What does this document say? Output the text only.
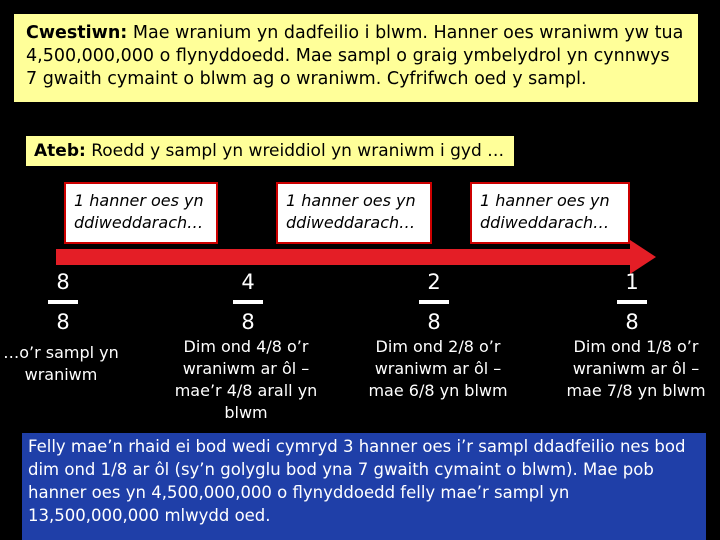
Cwestiwn: Mae wranium yn dadfeilio i blwm. Hanner oes wraniwm yw tua 4,500,000,000 o flynyddoedd. Mae sampl o graig ymbelydrol yn cynnwys 7 gwaith cymaint o blwm ag o wraniwm. Cyfrifwch oed y sampl.
Ateb: Roedd y sampl yn wreiddiol yn wraniwm i gyd …
1 hanner oes yn ddiweddarach…
1 hanner oes yn ddiweddarach…
1 hanner oes yn ddiweddarach…
8
8
4
8
2
8
1
8
…o’r sampl yn wraniwm
Dim ond 4/8 o’r wraniwm ar ôl – mae’r 4/8 arall yn blwm
Dim ond 2/8 o’r wraniwm ar ôl – mae 6/8 yn blwm
Dim ond 1/8 o’r wraniwm ar ôl – mae 7/8 yn blwm
Felly mae’n rhaid ei bod wedi cymryd 3 hanner oes i’r sampl ddadfeilio nes bod dim ond 1/8 ar ôl (sy’n golyglu bod yna 7 gwaith cymaint o blwm). Mae pob hanner oes yn 4,500,000,000 o flynyddoedd felly mae’r sampl yn 13,500,000,000 mlwydd oed.
